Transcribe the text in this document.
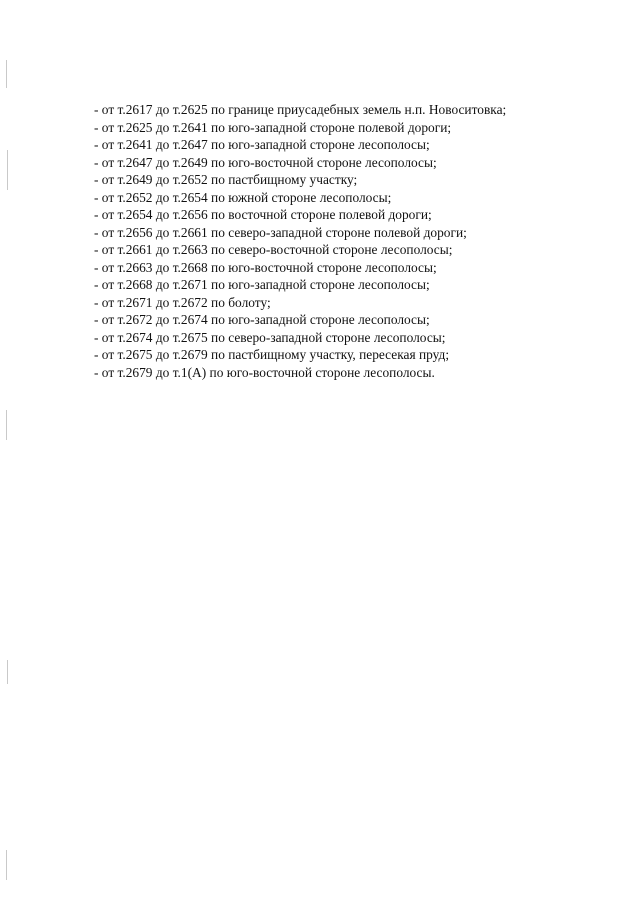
- от т.2617 до т.2625 по границе приусадебных земель н.п. Новоситовка;
- от т.2625 до т.2641 по юго-западной стороне полевой дороги;
- от т.2641 до т.2647 по юго-западной стороне лесополосы;
- от т.2647 до т.2649 по юго-восточной стороне лесополосы;
- от т.2649 до т.2652 по пастбищному участку;
- от т.2652 до т.2654 по южной стороне лесополосы;
- от т.2654 до т.2656 по восточной стороне полевой дороги;
- от т.2656 до т.2661 по северо-западной стороне полевой дороги;
- от т.2661 до т.2663 по северо-восточной стороне лесополосы;
- от т.2663 до т.2668 по юго-восточной стороне лесополосы;
- от т.2668 до т.2671 по юго-западной стороне лесополосы;
- от т.2671 до т.2672 по болоту;
- от т.2672 до т.2674 по юго-западной стороне лесополосы;
- от т.2674 до т.2675 по северо-западной стороне лесополосы;
- от т.2675 до т.2679 по пастбищному участку, пересекая пруд;
- от т.2679 до т.1(А) по юго-восточной стороне лесополосы.
